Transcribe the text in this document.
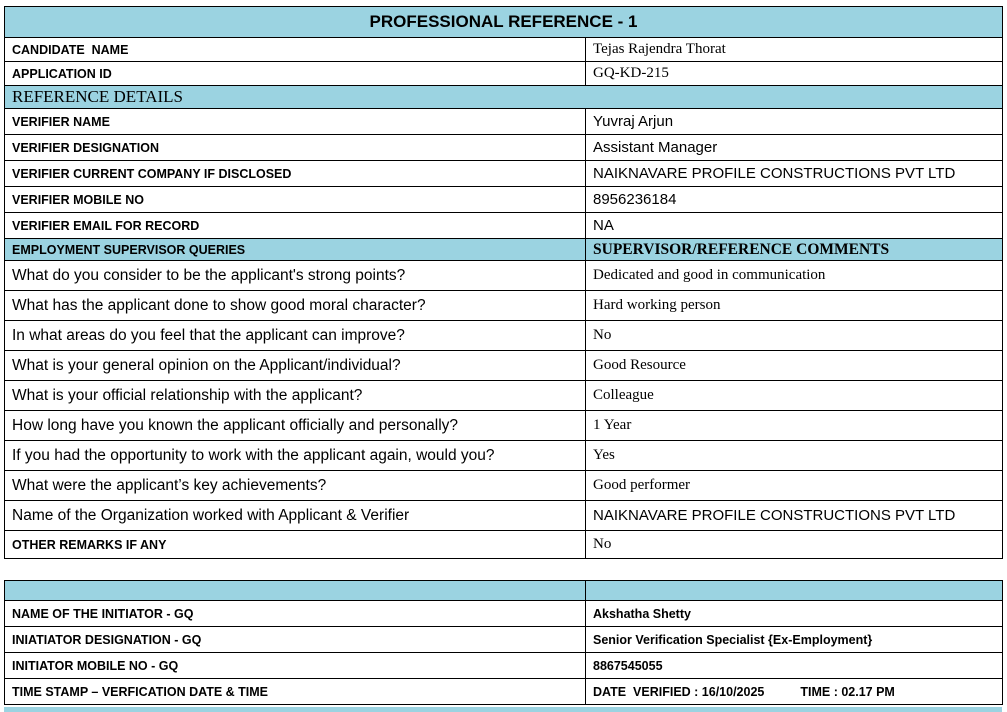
PROFESSIONAL REFERENCE - 1	
CANDIDATE  NAME	Tejas Rajendra Thorat
APPLICATION ID	GQ-KD-215
REFERENCE DETAILS	
VERIFIER NAME	Yuvraj Arjun
VERIFIER DESIGNATION	Assistant Manager
VERIFIER CURRENT COMPANY IF DISCLOSED	NAIKNAVARE PROFILE CONSTRUCTIONS PVT LTD
VERIFIER MOBILE NO	8956236184
VERIFIER EMAIL FOR RECORD	NA
EMPLOYMENT SUPERVISOR QUERIES	SUPERVISOR/REFERENCE COMMENTS
What do you consider to be the applicant's strong points?	Dedicated and good in communication
What has the applicant done to show good moral character?	Hard working person
In what areas do you feel that the applicant can improve?	No
What is your general opinion on the Applicant/individual?	Good Resource
What is your official relationship with the applicant?	Colleague
How long have you known the applicant officially and personally?	1 Year
If you had the opportunity to work with the applicant again, would you?	Yes
What were the applicant’s key achievements?	Good performer
Name of the Organization worked with Applicant & Verifier	NAIKNAVARE PROFILE CONSTRUCTIONS PVT LTD
OTHER REMARKS IF ANY	No

NAME OF THE INITIATOR - GQ	Akshatha Shetty
INIATIATOR DESIGNATION - GQ	Senior Verification Specialist {Ex-Employment}
INITIATOR MOBILE NO - GQ	8867545055
TIME STAMP – VERFICATION DATE & TIME	DATE  VERIFIED : 16/10/2025 TIME : 02.17 PM
